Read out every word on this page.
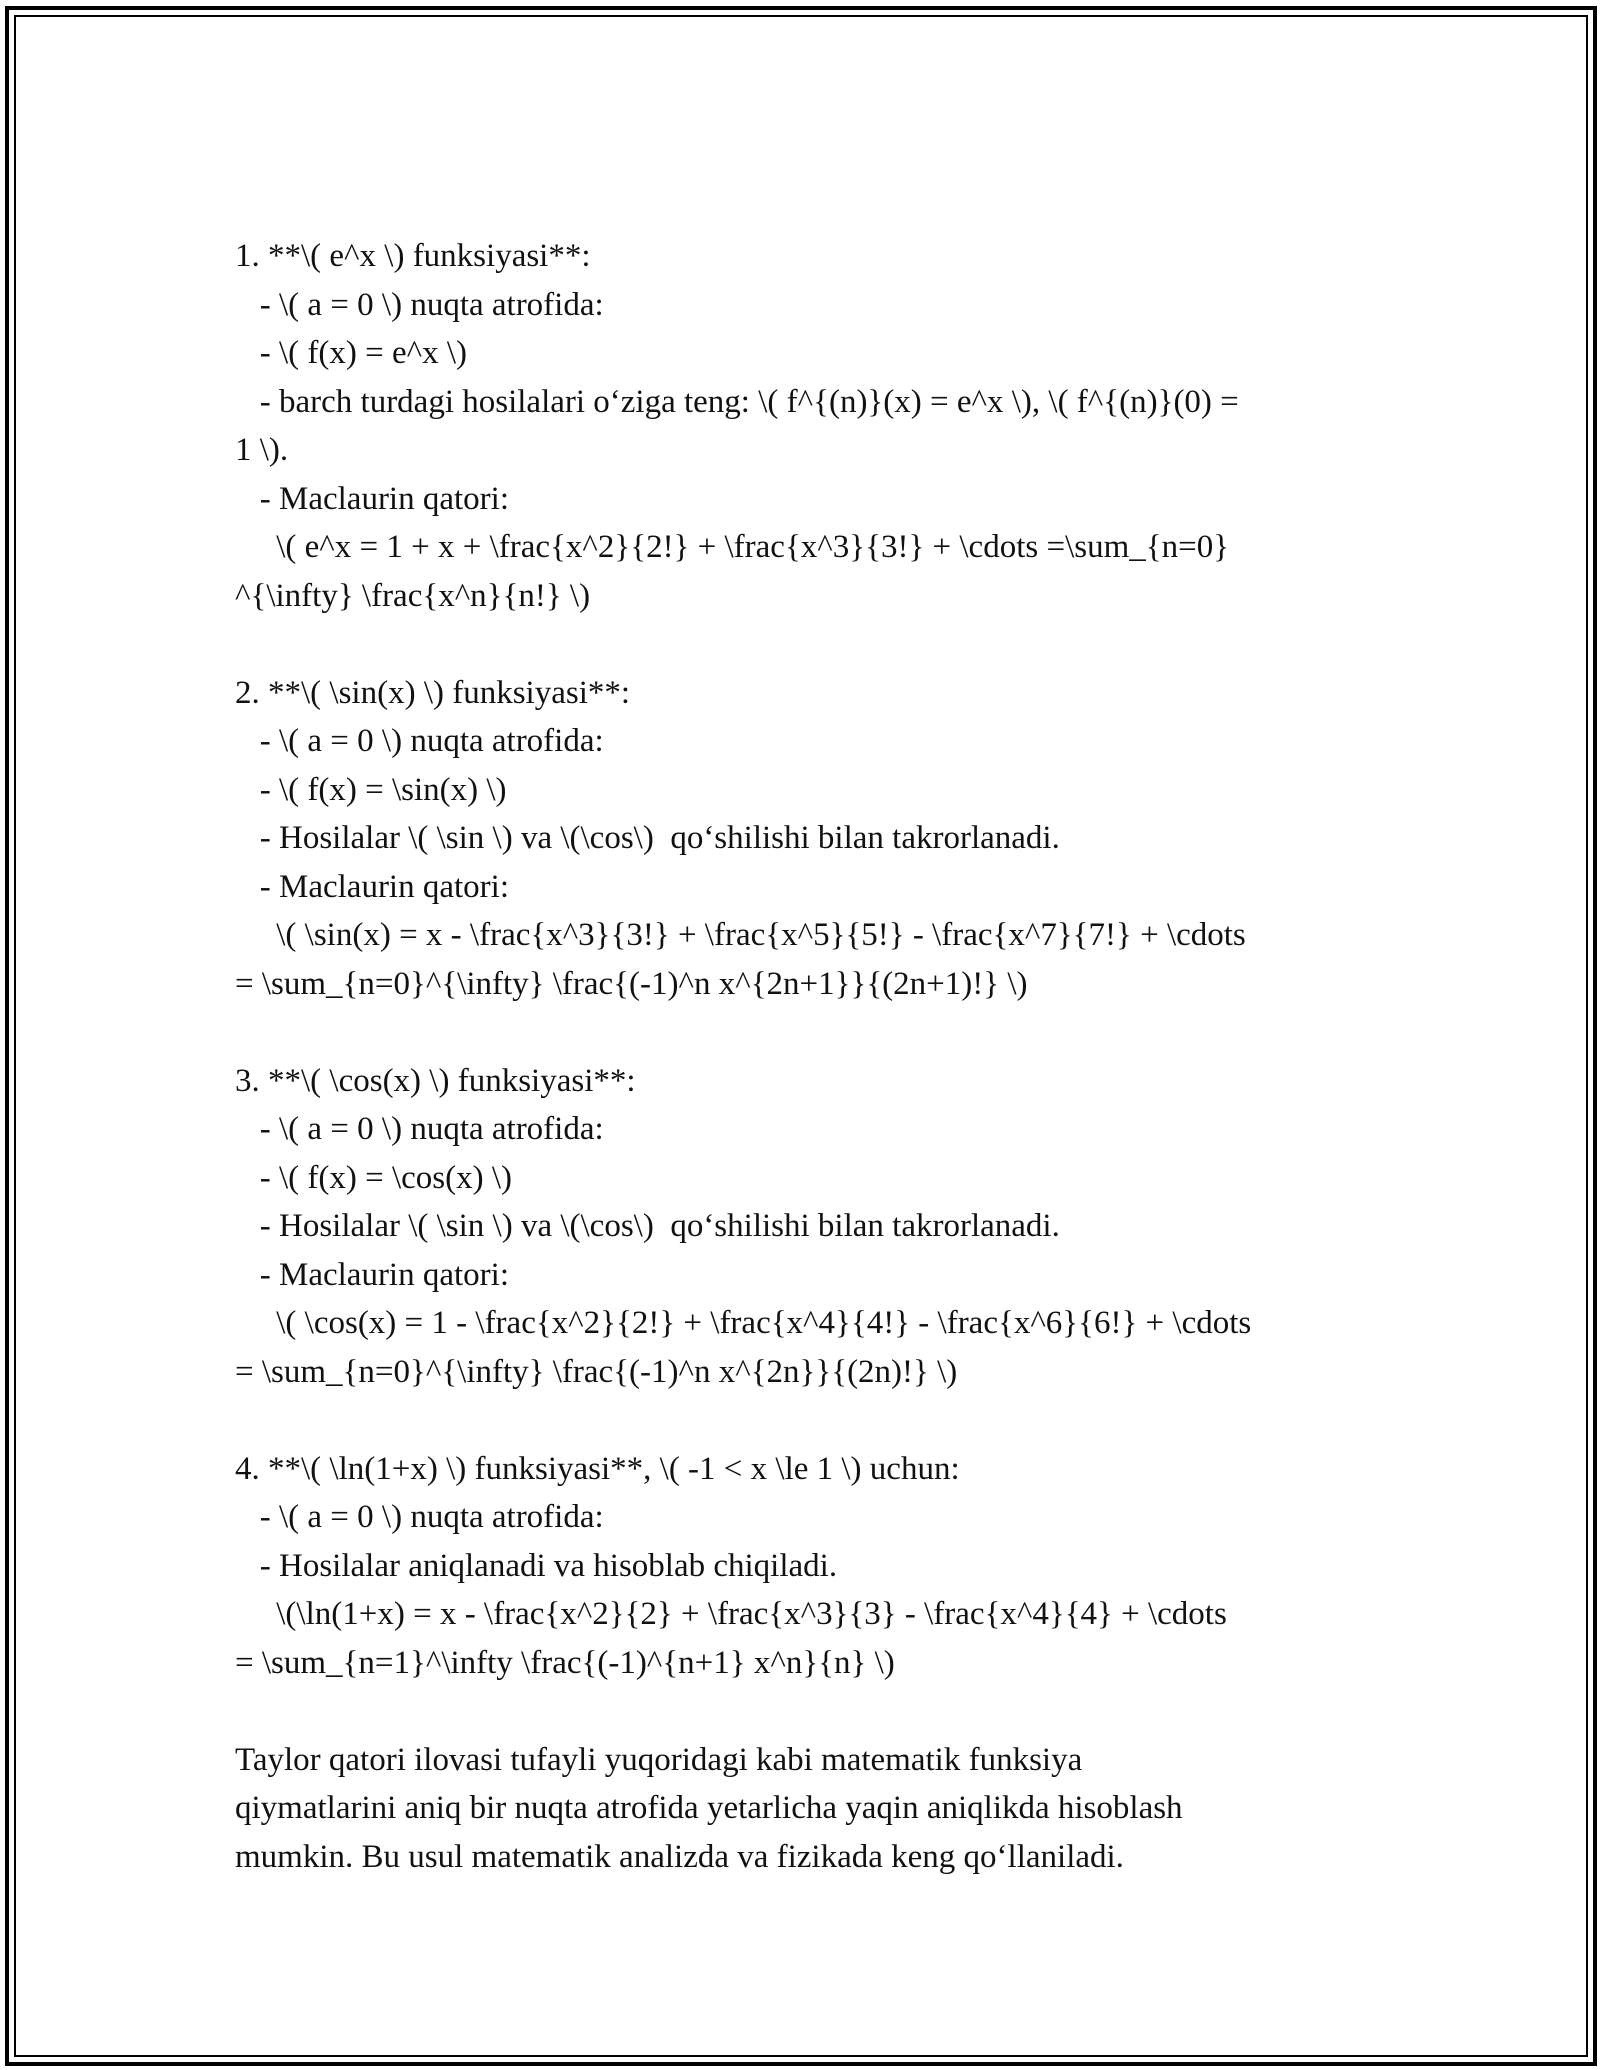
1. **\( e^x \) funksiyasi**:
- \( a = 0 \) nuqta atrofida:
- \( f(x) = e^x \)
- barch turdagi hosilalari o‘ziga teng: \( f^{(n)}(x) = e^x \), \( f^{(n)}(0) =
1 \).
- Maclaurin qatori:
\( e^x = 1 + x + \frac{x^2}{2!} + \frac{x^3}{3!} + \cdots =\sum_{n=0}
^{\infty} \frac{x^n}{n!} \)
2. **\( \sin(x) \) funksiyasi**:
- \( a = 0 \) nuqta atrofida:
- \( f(x) = \sin(x) \)
- Hosilalar \( \sin \) va \(\cos\)  qo‘shilishi bilan takrorlanadi.
- Maclaurin qatori:
\( \sin(x) = x - \frac{x^3}{3!} + \frac{x^5}{5!} - \frac{x^7}{7!} + \cdots
= \sum_{n=0}^{\infty} \frac{(-1)^n x^{2n+1}}{(2n+1)!} \)
3. **\( \cos(x) \) funksiyasi**:
- \( a = 0 \) nuqta atrofida:
- \( f(x) = \cos(x) \)
- Hosilalar \( \sin \) va \(\cos\)  qo‘shilishi bilan takrorlanadi.
- Maclaurin qatori:
\( \cos(x) = 1 - \frac{x^2}{2!} + \frac{x^4}{4!} - \frac{x^6}{6!} + \cdots
= \sum_{n=0}^{\infty} \frac{(-1)^n x^{2n}}{(2n)!} \)
4. **\( \ln(1+x) \) funksiyasi**, \( -1 < x \le 1 \) uchun:
- \( a = 0 \) nuqta atrofida:
- Hosilalar aniqlanadi va hisoblab chiqiladi.
\(\ln(1+x) = x - \frac{x^2}{2} + \frac{x^3}{3} - \frac{x^4}{4} + \cdots
= \sum_{n=1}^\infty \frac{(-1)^{n+1} x^n}{n} \)
Taylor qatori ilovasi tufayli yuqoridagi kabi matematik funksiya
qiymatlarini aniq bir nuqta atrofida yetarlicha yaqin aniqlikda hisoblash
mumkin. Bu usul matematik analizda va fizikada keng qo‘llaniladi.
